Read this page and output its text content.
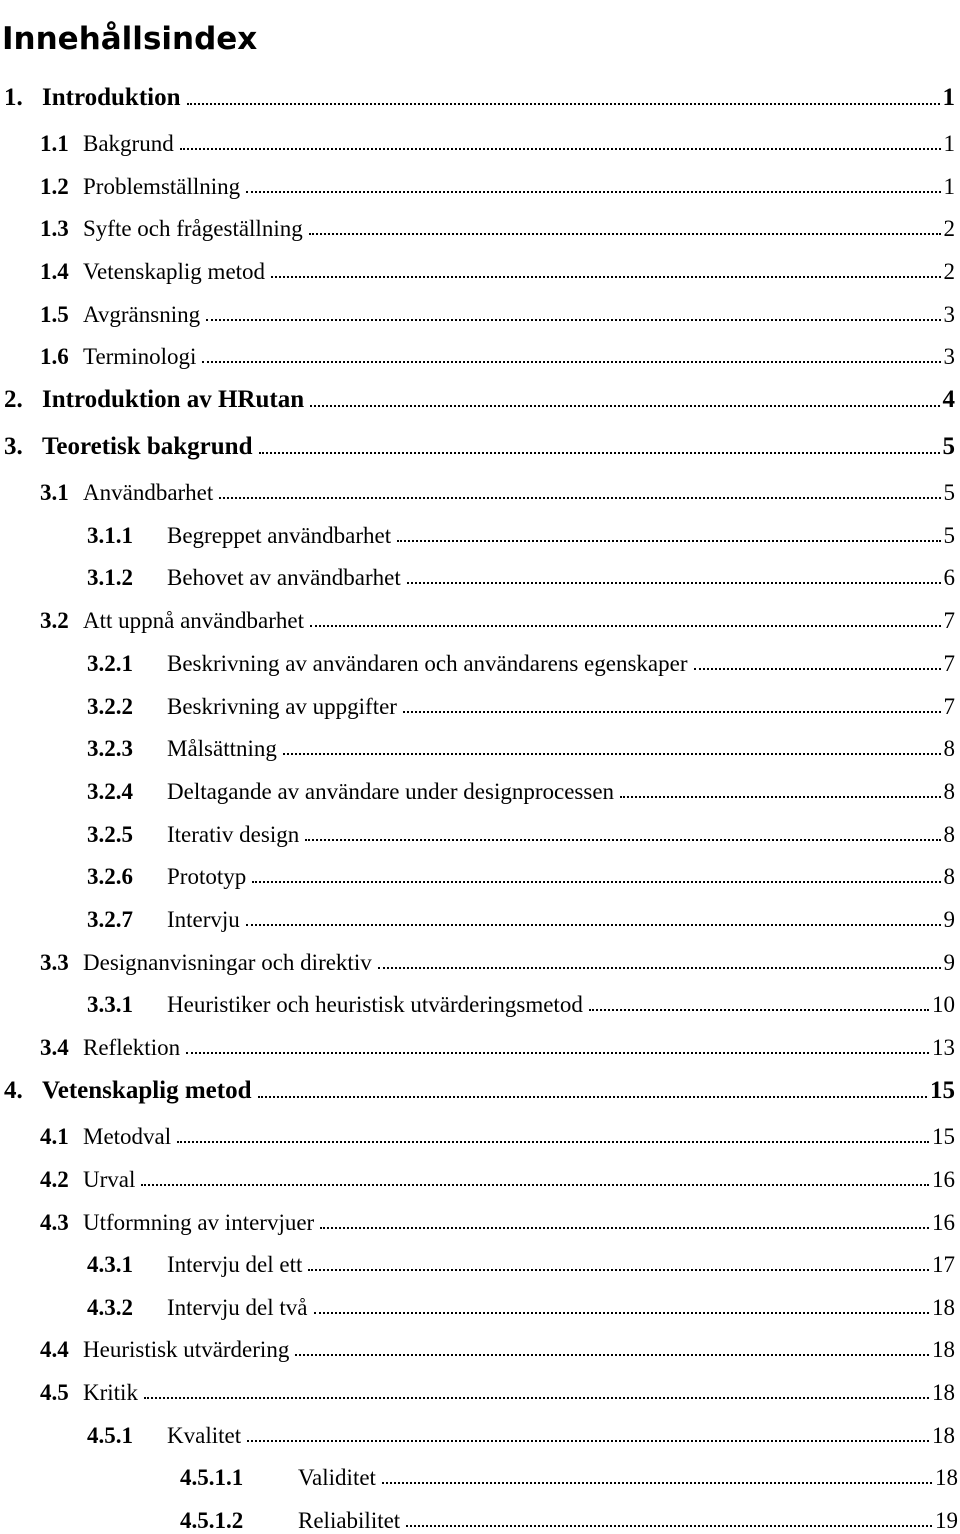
Innehållsindex
1. Introduktion	1
1.1 Bakgrund	1
1.2 Problemställning	1
1.3 Syfte och frågeställning	2
1.4 Vetenskaplig metod	2
1.5 Avgränsning	3
1.6 Terminologi	3
2. Introduktion av HRutan	4
3. Teoretisk bakgrund	5
3.1 Användbarhet	5
3.1.1	Begreppet användbarhet	5
3.1.2	Behovet av användbarhet	6
3.2 Att uppnå användbarhet	7
3.2.1	Beskrivning av användaren och användarens egenskaper	7
3.2.2	Beskrivning av uppgifter	7
3.2.3	Målsättning	8
3.2.4	Deltagande av användare under designprocessen	8
3.2.5	Iterativ design	8
3.2.6	Prototyp	8
3.2.7	Intervju	9
3.3 Designanvisningar och direktiv	9
3.3.1	Heuristiker och heuristisk utvärderingsmetod	10
3.4 Reflektion	13
4. Vetenskaplig metod	15
4.1 Metodval	15
4.2 Urval	16
4.3 Utformning av intervjuer	16
4.3.1	Intervju del ett	17
4.3.2	Intervju del två	18
4.4 Heuristisk utvärdering	18
4.5 Kritik	18
4.5.1	Kvalitet	18
4.5.1.1	Validitet	18
4.5.1.2	Reliabilitet	19
